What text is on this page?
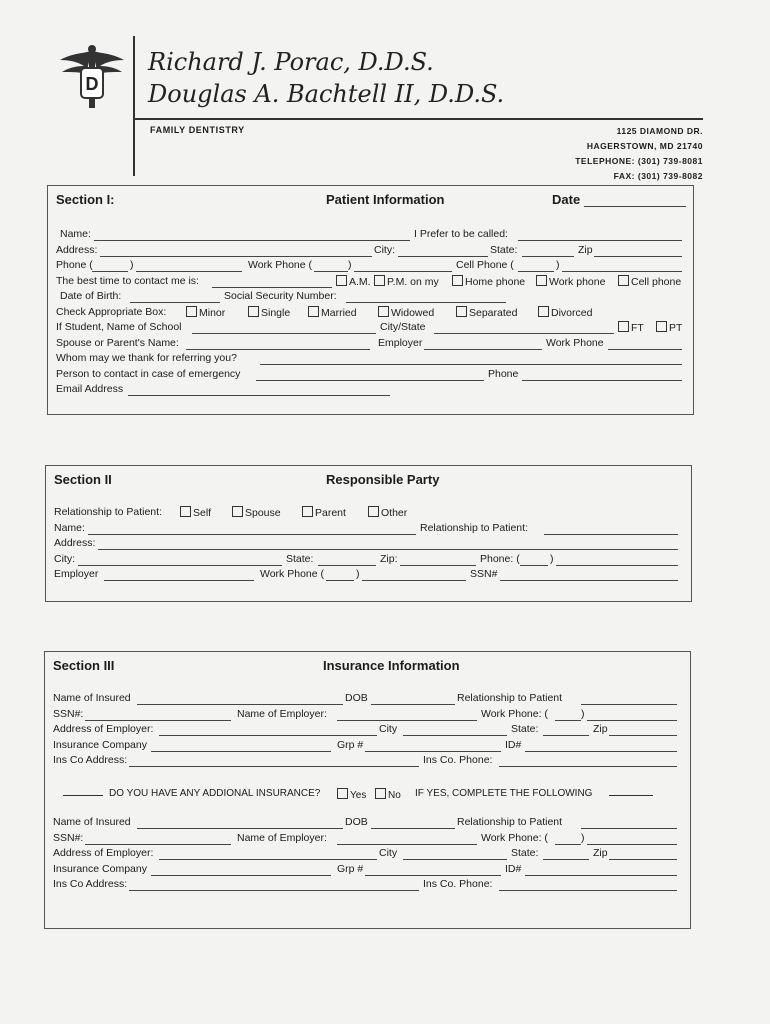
D
Richard J. Porac, D.D.S.
Douglas A. Bachtell II, D.D.S.
FAMILY DENTISTRY	1125 DIAMOND DR.
HAGERSTOWN, MD 21740
TELEPHONE: (301) 739-8081
FAX: (301) 739-8082
Section I:	Patient Information	Date
Name:	I Prefer to be called:
Address:	City:	State:	Zip
Phone (	)	Work Phone (	)	Cell Phone (	)
The best time to contact me is:	A.M.	P.M. on my	Home phone	Work phone	Cell phone
Date of Birth:	Social Security Number:
Check Appropriate Box:	Minor	Single	Married	Widowed	Separated	Divorced
If Student, Name of School	City/State	FT	PT
Spouse or Parent's Name:	Employer	Work Phone
Whom may we thank for referring you?
Person to contact in case of emergency	Phone
Email Address
Section II	Responsible Party
Relationship to Patient:	Self	Spouse	Parent	Other
Name:	Relationship to Patient:
Address:
City:	State:	Zip:	Phone: (	)
Employer	Work Phone (	)	SSN#
Section III	Insurance Information
Name of Insured	DOB	Relationship to Patient
SSN#:	Name of Employer:	Work Phone: (	)
Address of Employer:	City	State:	Zip
Insurance Company	Grp #	ID#
Ins Co Address:	Ins Co. Phone:
DO YOU HAVE ANY ADDIONAL INSURANCE?	Yes	No IF YES, COMPLETE THE FOLLOWING
Name of Insured	DOB	Relationship to Patient
SSN#:	Name of Employer:	Work Phone: (	)
Address of Employer:	City	State:	Zip
Insurance Company	Grp #	ID#
Ins Co Address:	Ins Co. Phone:
